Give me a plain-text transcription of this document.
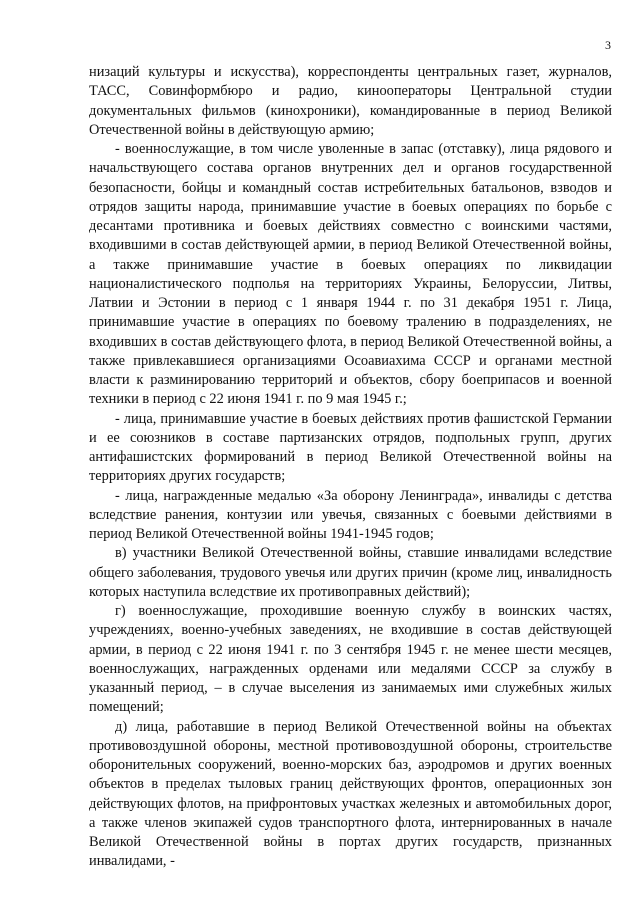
3

низаций культуры и искусства), корреспонденты центральных газет, журналов, ТАСС, Совинформбюро и радио, кинооператоры Центральной студии документальных фильмов (кинохроники), командированные в период Великой Отечественной войны в действующую армию;

- военнослужащие, в том числе уволенные в запас (отставку), лица рядового и начальствующего состава органов внутренних дел и органов государственной безопасности, бойцы и командный состав истребительных батальонов, взводов и отрядов защиты народа, принимавшие участие в боевых операциях по борьбе с десантами противника и боевых действиях совместно с воинскими частями, входившими в состав действующей армии, в период Великой Отечественной войны, а также принимавшие участие в боевых операциях по ликвидации националистического подполья на территориях Украины, Белоруссии, Литвы, Латвии и Эстонии в период с 1 января 1944 г. по 31 декабря 1951 г. Лица, принимавшие участие в операциях по боевому тралению в подразделениях, не входивших в состав действующего флота, в период Великой Отечественной войны, а также привлекавшиеся организациями Осоавиахима СССР и органами местной власти к разминированию территорий и объектов, сбору боеприпасов и военной техники в период с 22 июня 1941 г. по 9 мая 1945 г.;

- лица, принимавшие участие в боевых действиях против фашистской Германии и ее союзников в составе партизанских отрядов, подпольных групп, других антифашистских формирований в период Великой Отечественной войны на территориях других государств;

- лица, награжденные медалью «За оборону Ленинграда», инвалиды с детства вследствие ранения, контузии или увечья, связанных с боевыми действиями в период Великой Отечественной войны 1941-1945 годов;

в) участники Великой Отечественной войны, ставшие инвалидами вследствие общего заболевания, трудового увечья или других причин (кроме лиц, инвалидность которых наступила вследствие их противоправных действий);

г) военнослужащие, проходившие военную службу в воинских частях, учреждениях, военно-учебных заведениях, не входившие в состав действующей армии, в период с 22 июня 1941 г. по 3 сентября 1945 г. не менее шести месяцев, военнослужащих, награжденных орденами или медалями СССР за службу в указанный период, – в случае выселения из занимаемых ими служебных жилых помещений;

д) лица, работавшие в период Великой Отечественной войны на объектах противовоздушной обороны, местной противовоздушной обороны, строительстве оборонительных сооружений, военно-морских баз, аэродромов и других военных объектов в пределах тыловых границ действующих фронтов, операционных зон действующих флотов, на прифронтовых участках железных и автомобильных дорог, а также членов экипажей судов транспортного флота, интернированных в начале Великой Отечественной войны в портах других государств, признанных инвалидами, -
